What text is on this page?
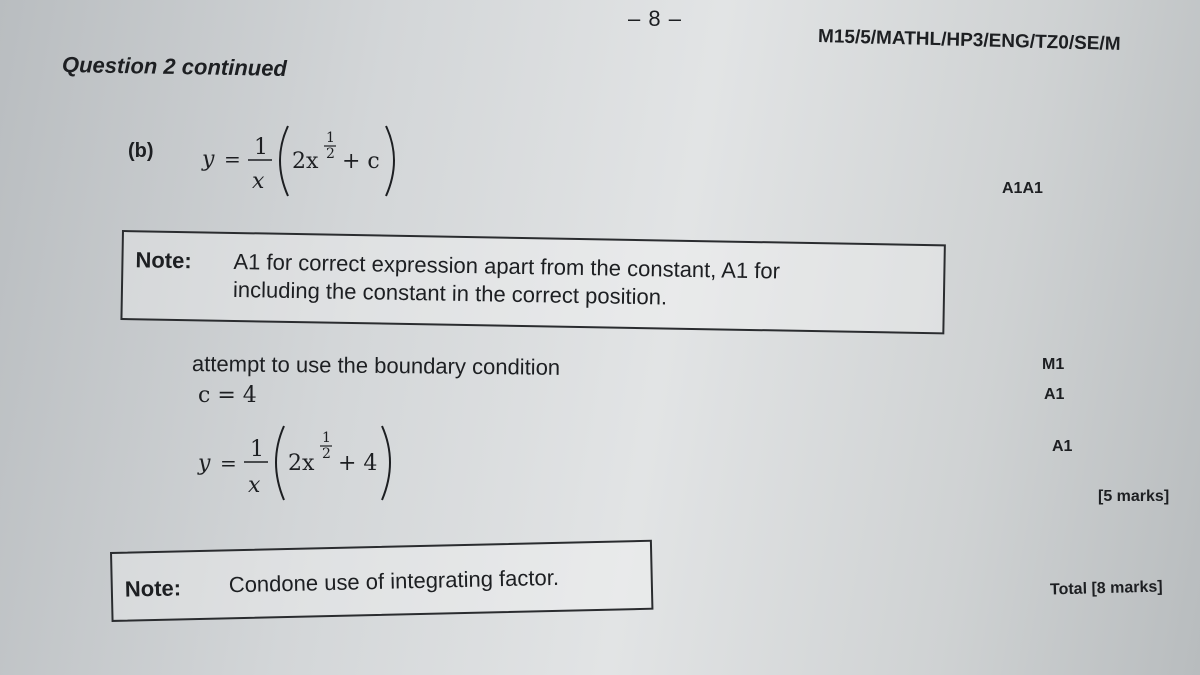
– 8 –
M15/5/MATHL/HP3/ENG/TZ0/SE/M
Question 2 continued
(b) y = 1
x
2x
1
2 + c
A1A1
Note: A1 for correct expression apart from the constant, A1 for
including the constant in the correct position.
attempt to use the boundary condition
c = 4
M1
A1
y =
1
x
2x
1
2 + 4
A1
[5 marks]
Note: Condone use of integrating factor.	Total [8 marks]
